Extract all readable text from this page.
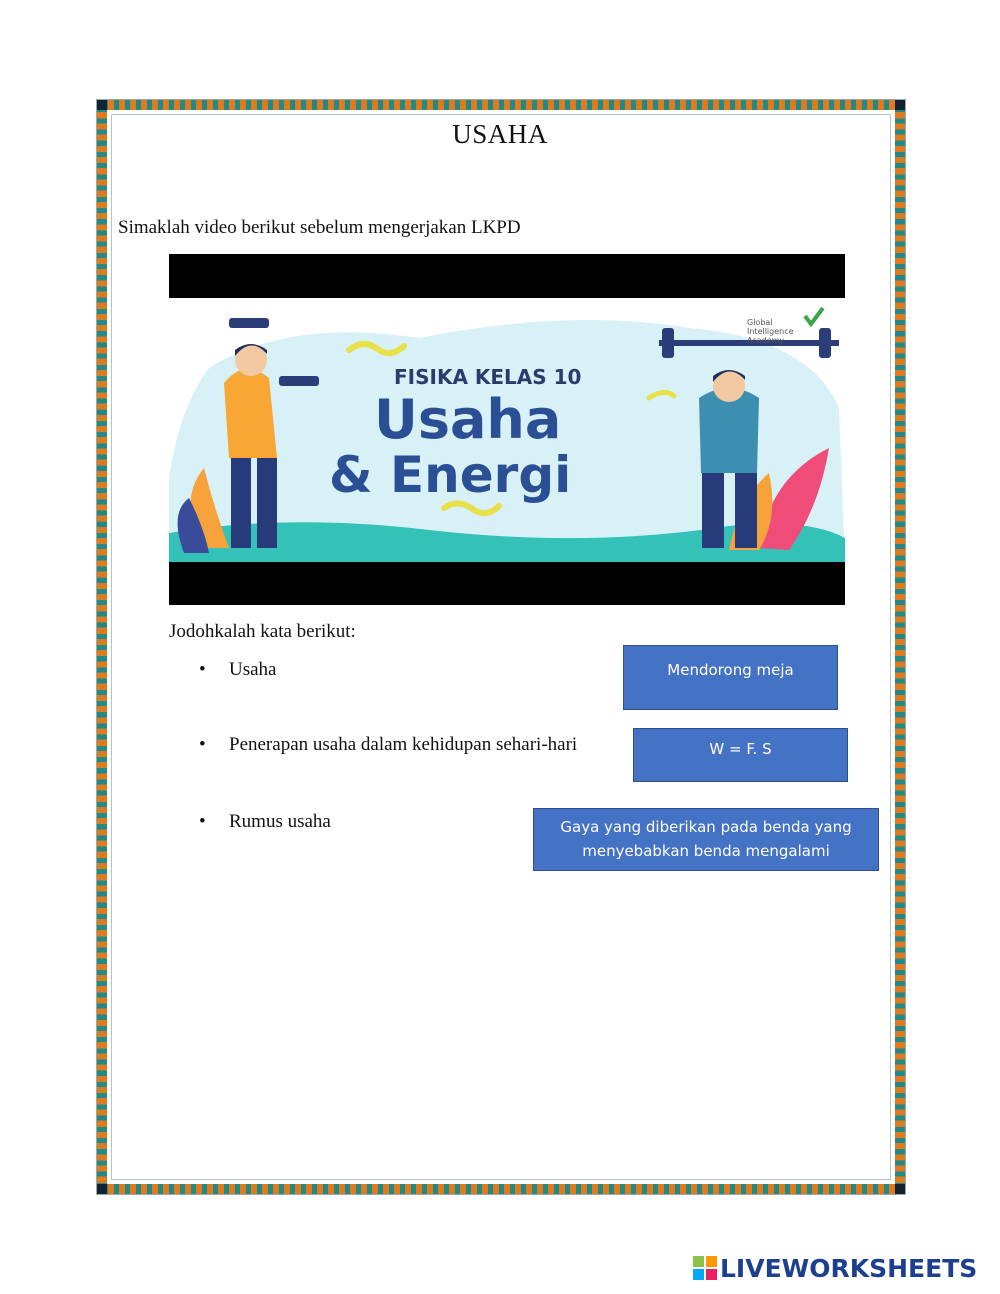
USAHA
Simaklah video berikut sebelum mengerjakan LKPD
Global
Intelligence
Academy
FISIKA KELAS 10
Usaha
& Energi
Jodohkalah kata berikut:
• Usaha
• Penerapan usaha dalam kehidupan sehari-hari
• Rumus usaha
Mendorong meja
W = F. S
Gaya yang diberikan pada benda yang
menyebabkan benda mengalami
LIVEWORKSHEETS
